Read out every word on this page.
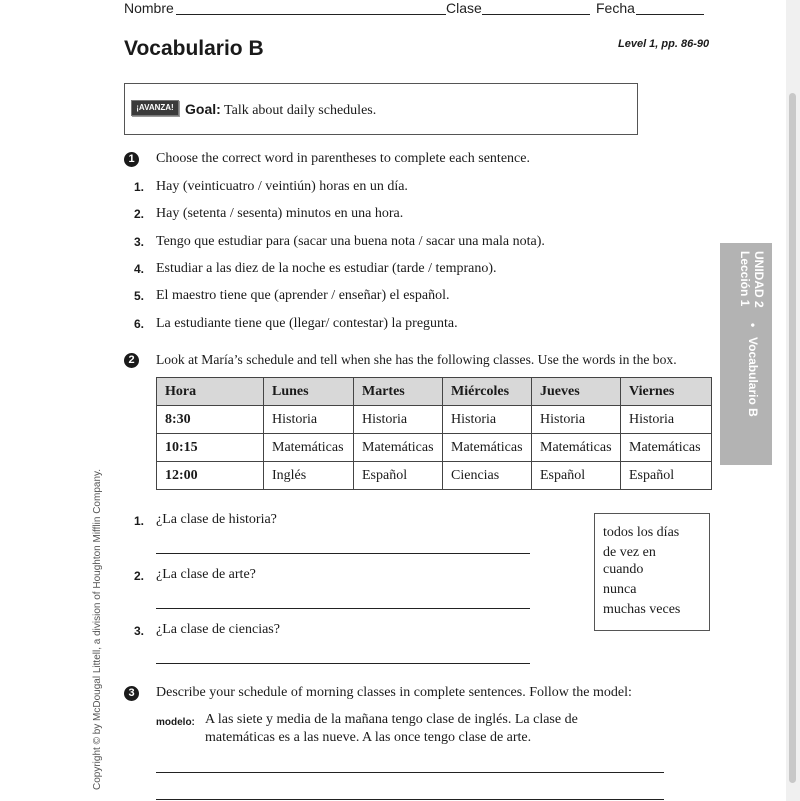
Nombre	Clase	Fecha
Vocabulario B	Level 1, pp. 86-90
¡AVANZA! Goal: Talk about daily schedules.
1	Choose the correct word in parentheses to complete each sentence.
1. Hay (veinticuatro / veintiún) horas en un día.
2. Hay (setenta / sesenta) minutos en una hora.
3. Tengo que estudiar para (sacar una buena nota / sacar una mala nota).
4. Estudiar a las diez de la noche es estudiar (tarde / temprano).
5. El maestro tiene que (aprender / enseñar) el español.
6. La estudiante tiene que (llegar/ contestar) la pregunta.
2	Look at María’s schedule and tell when she has the following classes. Use the words in the box.
Hora	Lunes	Martes	Miércoles	Jueves	Viernes
8:30	Historia	Historia	Historia	Historia	Historia
10:15	Matemáticas	Matemáticas	Matemáticas	Matemáticas	Matemáticas
12:00	Inglés	Español	Ciencias	Español	Español
1. ¿La clase de historia?
2. ¿La clase de arte?
3. ¿La clase de ciencias?
todos los días
de vez en
cuando
nunca
muchas veces
3	Describe your schedule of morning classes in complete sentences. Follow the model:
modelo: A las siete y media de la mañana tengo clase de inglés. La clase de
matemáticas es a las nueve. A las once tengo clase de arte.
UNIDAD 2
Lección 1
•
Vocabulario B
Copyright © by McDougal Littell, a division of Houghton Mifflin Company.
